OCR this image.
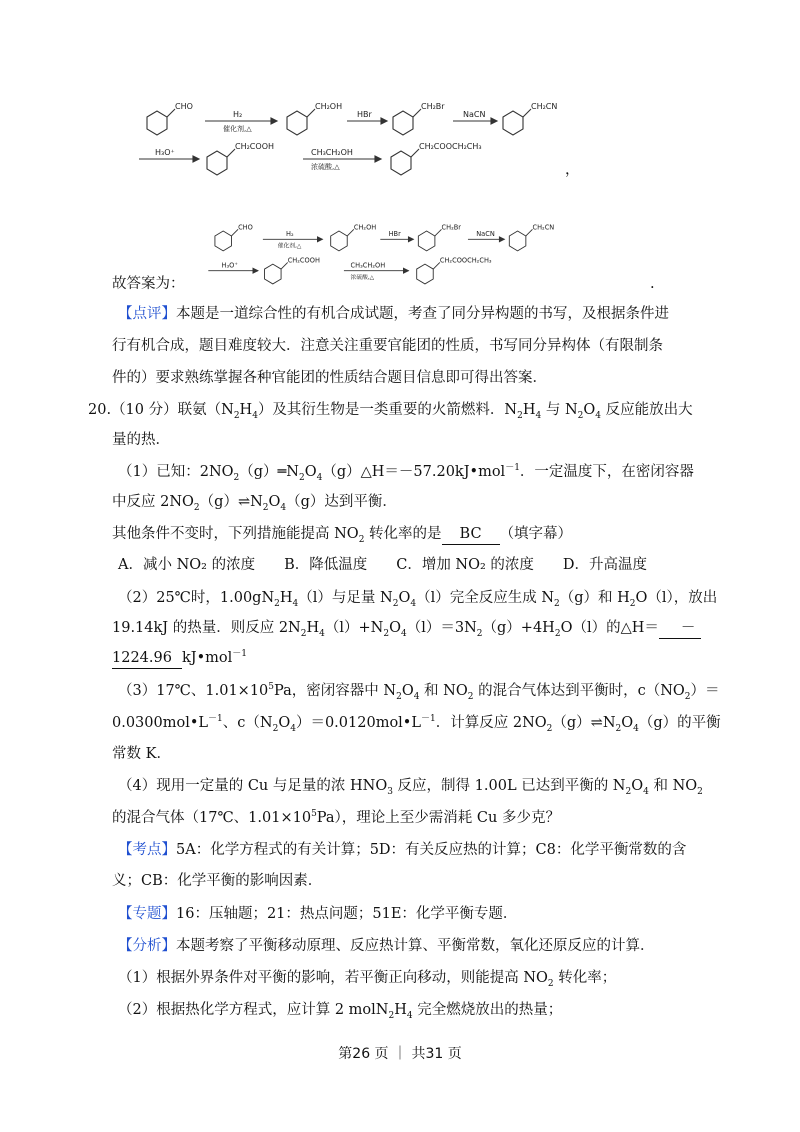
CHO
H₂
催化剂,△
CH₂OH
HBr
CH₂Br
NaCN
CH₂CN
H₃O⁺
CH₂COOH
CH₃CH₂OH
浓硫酸,△
CH₂COOCH₂CH₃
，
故答案为：
CHO
H₂
催化剂,△
CH₂OH
HBr
CH₂Br
NaCN
CH₂CN
H₃O⁺
CH₂COOH
CH₃CH₂OH
浓硫酸,△
CH₂COOCH₂CH₃
.
【点评】本题是一道综合性的有机合成试题，考查了同分异构题的书写，及根据条件进
行有机合成，题目难度较大．注意关注重要官能团的性质，书写同分异构体（有限制条
件的）要求熟练掌握各种官能团的性质结合题目信息即可得出答案．
20.（10 分）联氨$(N_2H_4)$及其衍生物是一类重要的火箭燃料．$N_2H_4$ 与 $N_2O_4$ 反应能放出大
量的热．
（1）已知：$2NO_2(g)═N_2O_4(g)\triangle H=-57.20kJ•mol^{-1}$．一定温度下，在密闭容器
中反应 $2NO_2(g)\rightleftharpoons N_2O_4(g)$达到平衡．
其他条件不变时，下列措施能提高 $NO_2$ 转化率的是 BC （填字幕）
A．减小 NO₂ 的浓度　　B．降低温度　　C．增加 NO₂ 的浓度　　D．升高温度
（2）25℃时，$1.00gN_2H_4(l)$与足量 $N_2O_4(l)$完全反应生成 $N_2(g)$和 $H_2O(l)$，放出
19.14kJ 的热量．则反应 $2N_2H_4(l)+N_2O_4(l)=3N_2(g)+4H_2O(l)$的△H＝ －
1224.96 kJ•mol$^{-1}$
（3）17℃、$1.01\times 10^5Pa$，密闭容器中 $N_2O_4$ 和 $NO_2$ 的混合气体达到平衡时，$c(NO_2)=$
$0.0300mol•L^{-1}$、$c(N_2O_4)=0.0120mol•L^{-1}$．计算反应 $2NO_2(g)\rightleftharpoons N_2O_4(g)$的平衡
常数 K．
（4）现用一定量的 Cu 与足量的浓 $HNO_3$ 反应，制得 1.00L 已达到平衡的 $N_2O_4$ 和 $NO_2$
的混合气体（17℃、$1.01\times 10^5Pa$），理论上至少需消耗 Cu 多少克？
【考点】5A：化学方程式的有关计算；5D：有关反应热的计算；C8：化学平衡常数的含
义；CB：化学平衡的影响因素．
【专题】16：压轴题；21：热点问题；51E：化学平衡专题．
【分析】本题考察了平衡移动原理、反应热计算、平衡常数，氧化还原反应的计算．
（1）根据外界条件对平衡的影响，若平衡正向移动，则能提高 $NO_2$ 转化率；
（2）根据热化学方程式，应计算 2 $molN_2H_4$ 完全燃烧放出的热量；
第26 页 ｜ 共31 页
